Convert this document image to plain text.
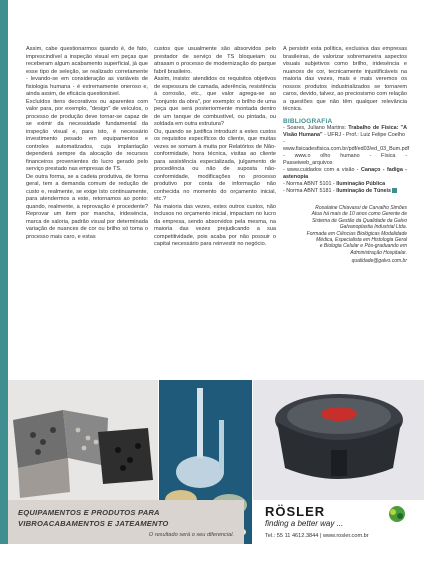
Assim, cabe questionarmos quando é, de fato, imprescindível a inspeção visual em peças que receberam algum acabamento superficial, já que esse tipo de seleção, se realizado corretamente - levando-se em consideração as variáveis de fisiologia humana - é extremamente oneroso e, ainda assim, de eficácia questionável.

Excluídos itens decorativos ou aparentes com valor para, por exemplo, "design" de veículos, o processo de produção deve tornar-se capaz de se eximir da necessidade fundamental da inspeção visual e, para isto, é necessário investimento pesado em equipamentos e controles automatizados, cuja implantação dependerá sempre da alocação de recursos financeiros provenientes do lucro gerado pelo serviço prestado nas empresas de TS.

De outra forma, se a cadeia produtiva, de forma geral, tem a demanda comum de redução de custo e, realmente, se exige isto continuamente, para atendermos a este, retornamos ao ponto: quando, realmente, a reprovação é procedente? Reprovar um item por mancha, irideséncia, marca de saloria, padrão visual por determinada variação de nuances de cor ou brilho só torna o processo mais caro, e estas

custos que usualmente são absorvidos pelo prestador de serviço de TS bloqueiam ou atrasam o processo de modernização do parque fabril brasileiro.

Assim, insisto: atendidos os requisitos objetivos de espessura de camada, aderência, resistência à corrosão, etc., que valor agrega-se ao "conjunto da obra", por exemplo: o brilho de uma peça que será posteriormente montada dentro de um tanque de combustível, ou pintada, ou soldada em outra estrutura?

Ou, quando se justifica introduzir a estes custos os requisitos específicos do cliente, que muitas vezes se somam à muita por Relatórios de Não-conformidade, hora técnica, visitas ao cliente para assistência especializada, julgamento de procedência ou não de suposta não-conformidade, modificações no processo produtivo por conta de informação não conhecida no momento do orçamento inicial, etc.?

Na maioria das vezes, estes outros custos, não inclusos no orçamento inicial, impactam no lucro da empresa, sendo absorvidos pela mesma, na maioria das vezes prejudicando a sua competitividade, pois acaba por não possuir o capital necessário para reinvestir no negócio.

A persistir esta política, exclusiva das empresas brasileiras, de valorizar sobremaneira aspectos visuais subjetivos como brilho, irideséncia e nuances de cor, tecnicamente injustificáveis na maioria das vezes, mais e mais veremos os nossos produtos industrializados se tornarem caros, devido, talvez, ao preciosismo com relação a questões que não têm qualquer relevância técnica.

BIBLIOGRAFIA
- Soares, Juliano Martins: Trabalho de Física: "A Visão Humana" - UFRJ - Prof.: Luiz Felipe Coelho
- www.fisicadesfisica.com.br/pdf/ed03/ed_03_Bum.pdf
- www.o olho humano - Física - Passeiweb_arquivos
- www.cuidados com a visão - Canaço - fadiga - astenopia
- Norma ABNT 5101 - Iluminação Pública
- Norma ABNT 5181 - Iluminação de Túneis
Rosalaine Chiavassi de Carvalho Simões
Atua há mais de 10 anos como Gerente de
Sistema de Gestão da Qualidade da Galvo
Galvanoplastia Industrial Ltda.
Formada em Ciências Biológicas Modalidade
Médica, Especialista em Histologia Geral
e Biologia Celular e Pós-graduando em
Administração Hospitalar.
qualidade@galvo.com.br
EQUIPAMENTOS E PRODUTOS PARA
VIBROACABAMENTOS E JATEAMENTO
O resultado será o seu diferencial.
RÖSLER
finding a better way ...
Tel.: 55 11 4612.3844 | www.rosler.com.br
